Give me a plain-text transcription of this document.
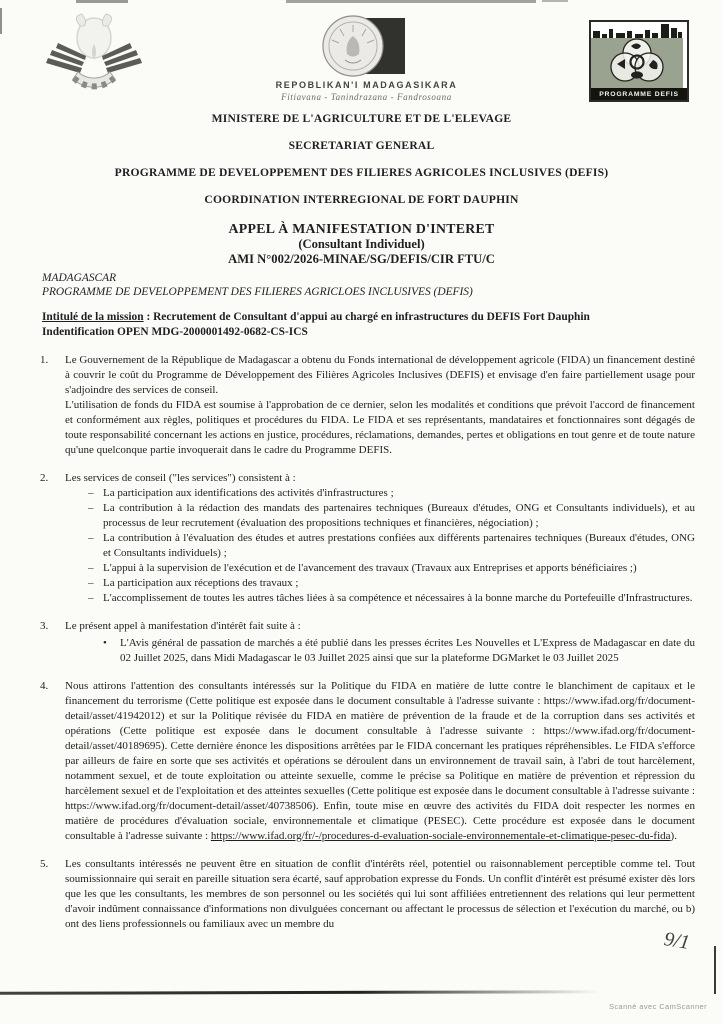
REPOBLIKAN'I MADAGASIKARA
Fitiavana - Tanindrazana - Fandrosoana	PROGRAMME DEFIS
MINISTERE DE L'AGRICULTURE ET DE L'ELEVAGE
SECRETARIAT GENERAL
PROGRAMME DE DEVELOPPEMENT DES FILIERES AGRICOLES INCLUSIVES (DEFIS)
COORDINATION INTERREGIONAL DE FORT DAUPHIN
APPEL À MANIFESTATION D'INTERET
(Consultant Individuel)
AMI N°002/2026-MINAE/SG/DEFIS/CIR FTU/C
MADAGASCAR
PROGRAMME DE DEVELOPPEMENT DES FILIERES AGRICLOES INCLUSIVES (DEFIS)
Intitulé de la mission : Recrutement de Consultant d'appui au chargé en infrastructures du DEFIS Fort Dauphin
Indentification OPEN MDG-2000001492-0682-CS-ICS
1.	Le Gouvernement de la République de Madagascar a obtenu du Fonds international de développement agricole (FIDA) un financement destiné à couvrir le coût du Programme de Développement des Filières Agricoles Inclusives (DEFIS) et envisage d'en faire partiellement usage pour s'adjoindre des services de conseil.
L'utilisation de fonds du FIDA est soumise à l'approbation de ce dernier, selon les modalités et conditions que prévoit l'accord de financement et conformément aux règles, politiques et procédures du FIDA. Le FIDA et ses représentants, mandataires et fonctionnaires sont dégagés de toute responsabilité concernant les actions en justice, procédures, réclamations, demandes, pertes et obligations en tout genre et de toute nature qu'une quelconque partie invoquerait dans le cadre du Programme DEFIS.
2.	Les services de conseil ("les services") consistent à :
– La participation aux identifications des activités d'infrastructures ;
– La contribution à la rédaction des mandats des partenaires techniques (Bureaux d'études, ONG et Consultants individuels), et au processus de leur recrutement (évaluation des propositions techniques et financières, négociation) ;
– La contribution à l'évaluation des études et autres prestations confiées aux différents partenaires techniques (Bureaux d'études, ONG et Consultants individuels) ;
– L'appui à la supervision de l'exécution et de l'avancement des travaux (Travaux aux Entreprises et apports bénéficiaires ;)
– La participation aux réceptions des travaux ;
– L'accomplissement de toutes les autres tâches liées à sa compétence et nécessaires à la bonne marche du Portefeuille d'Infrastructures.
3.	Le présent appel à manifestation d'intérêt fait suite à :
•	L'Avis général de passation de marchés a été publié dans les presses écrites Les Nouvelles et L'Express de Madagascar en date du 02 Juillet 2025, dans Midi Madagascar le 03 Juillet 2025 ainsi que sur la plateforme DGMarket le 03 Juillet 2025
4.	Nous attirons l'attention des consultants intéressés sur la Politique du FIDA en matière de lutte contre le blanchiment de capitaux et le financement du terrorisme (Cette politique est exposée dans le document consultable à l'adresse suivante : https://www.ifad.org/fr/document-detail/asset/41942012) et sur la Politique révisée du FIDA en matière de prévention de la fraude et de la corruption dans ses activités et opérations (Cette politique est exposée dans le document consultable à l'adresse suivante : https://www.ifad.org/fr/document-detail/asset/40189695). Cette dernière énonce les dispositions arrêtées par le FIDA concernant les pratiques répréhensibles. Le FIDA s'efforce par ailleurs de faire en sorte que ses activités et opérations se déroulent dans un environnement de travail sain, à l'abri de tout harcèlement, notamment sexuel, et de toute exploitation ou atteinte sexuelle, comme le précise sa Politique en matière de prévention et répression du harcèlement sexuel et de l'exploitation et des atteintes sexuelles (Cette politique est exposée dans le document consultable à l'adresse suivante : https://www.ifad.org/fr/document-detail/asset/40738506). Enfin, toute mise en œuvre des activités du FIDA doit respecter les normes en matière de procédures d'évaluation sociale, environnementale et climatique (PESEC). Cette procédure est exposée dans le document consultable à l'adresse suivante : https://www.ifad.org/fr/-/procedures-d-evaluation-sociale-environnementale-et-climatique-pesec-du-fida).
5.	Les consultants intéressés ne peuvent être en situation de conflit d'intérêts réel, potentiel ou raisonnablement perceptible comme tel. Tout soumissionnaire qui serait en pareille situation sera écarté, sauf approbation expresse du Fonds. Un conflit d'intérêt est présumé exister dès lors que les que les consultants, les membres de son personnel ou les sociétés qui lui sont affiliées entretiennent des relations qui leur permettent d'avoir indûment connaissance d'informations non divulguées concernant ou affectant le processus de sélection et l'exécution du marché, ou b) ont des liens professionnels ou familiaux avec un membre du
9/1
Scanné avec CamScanner
